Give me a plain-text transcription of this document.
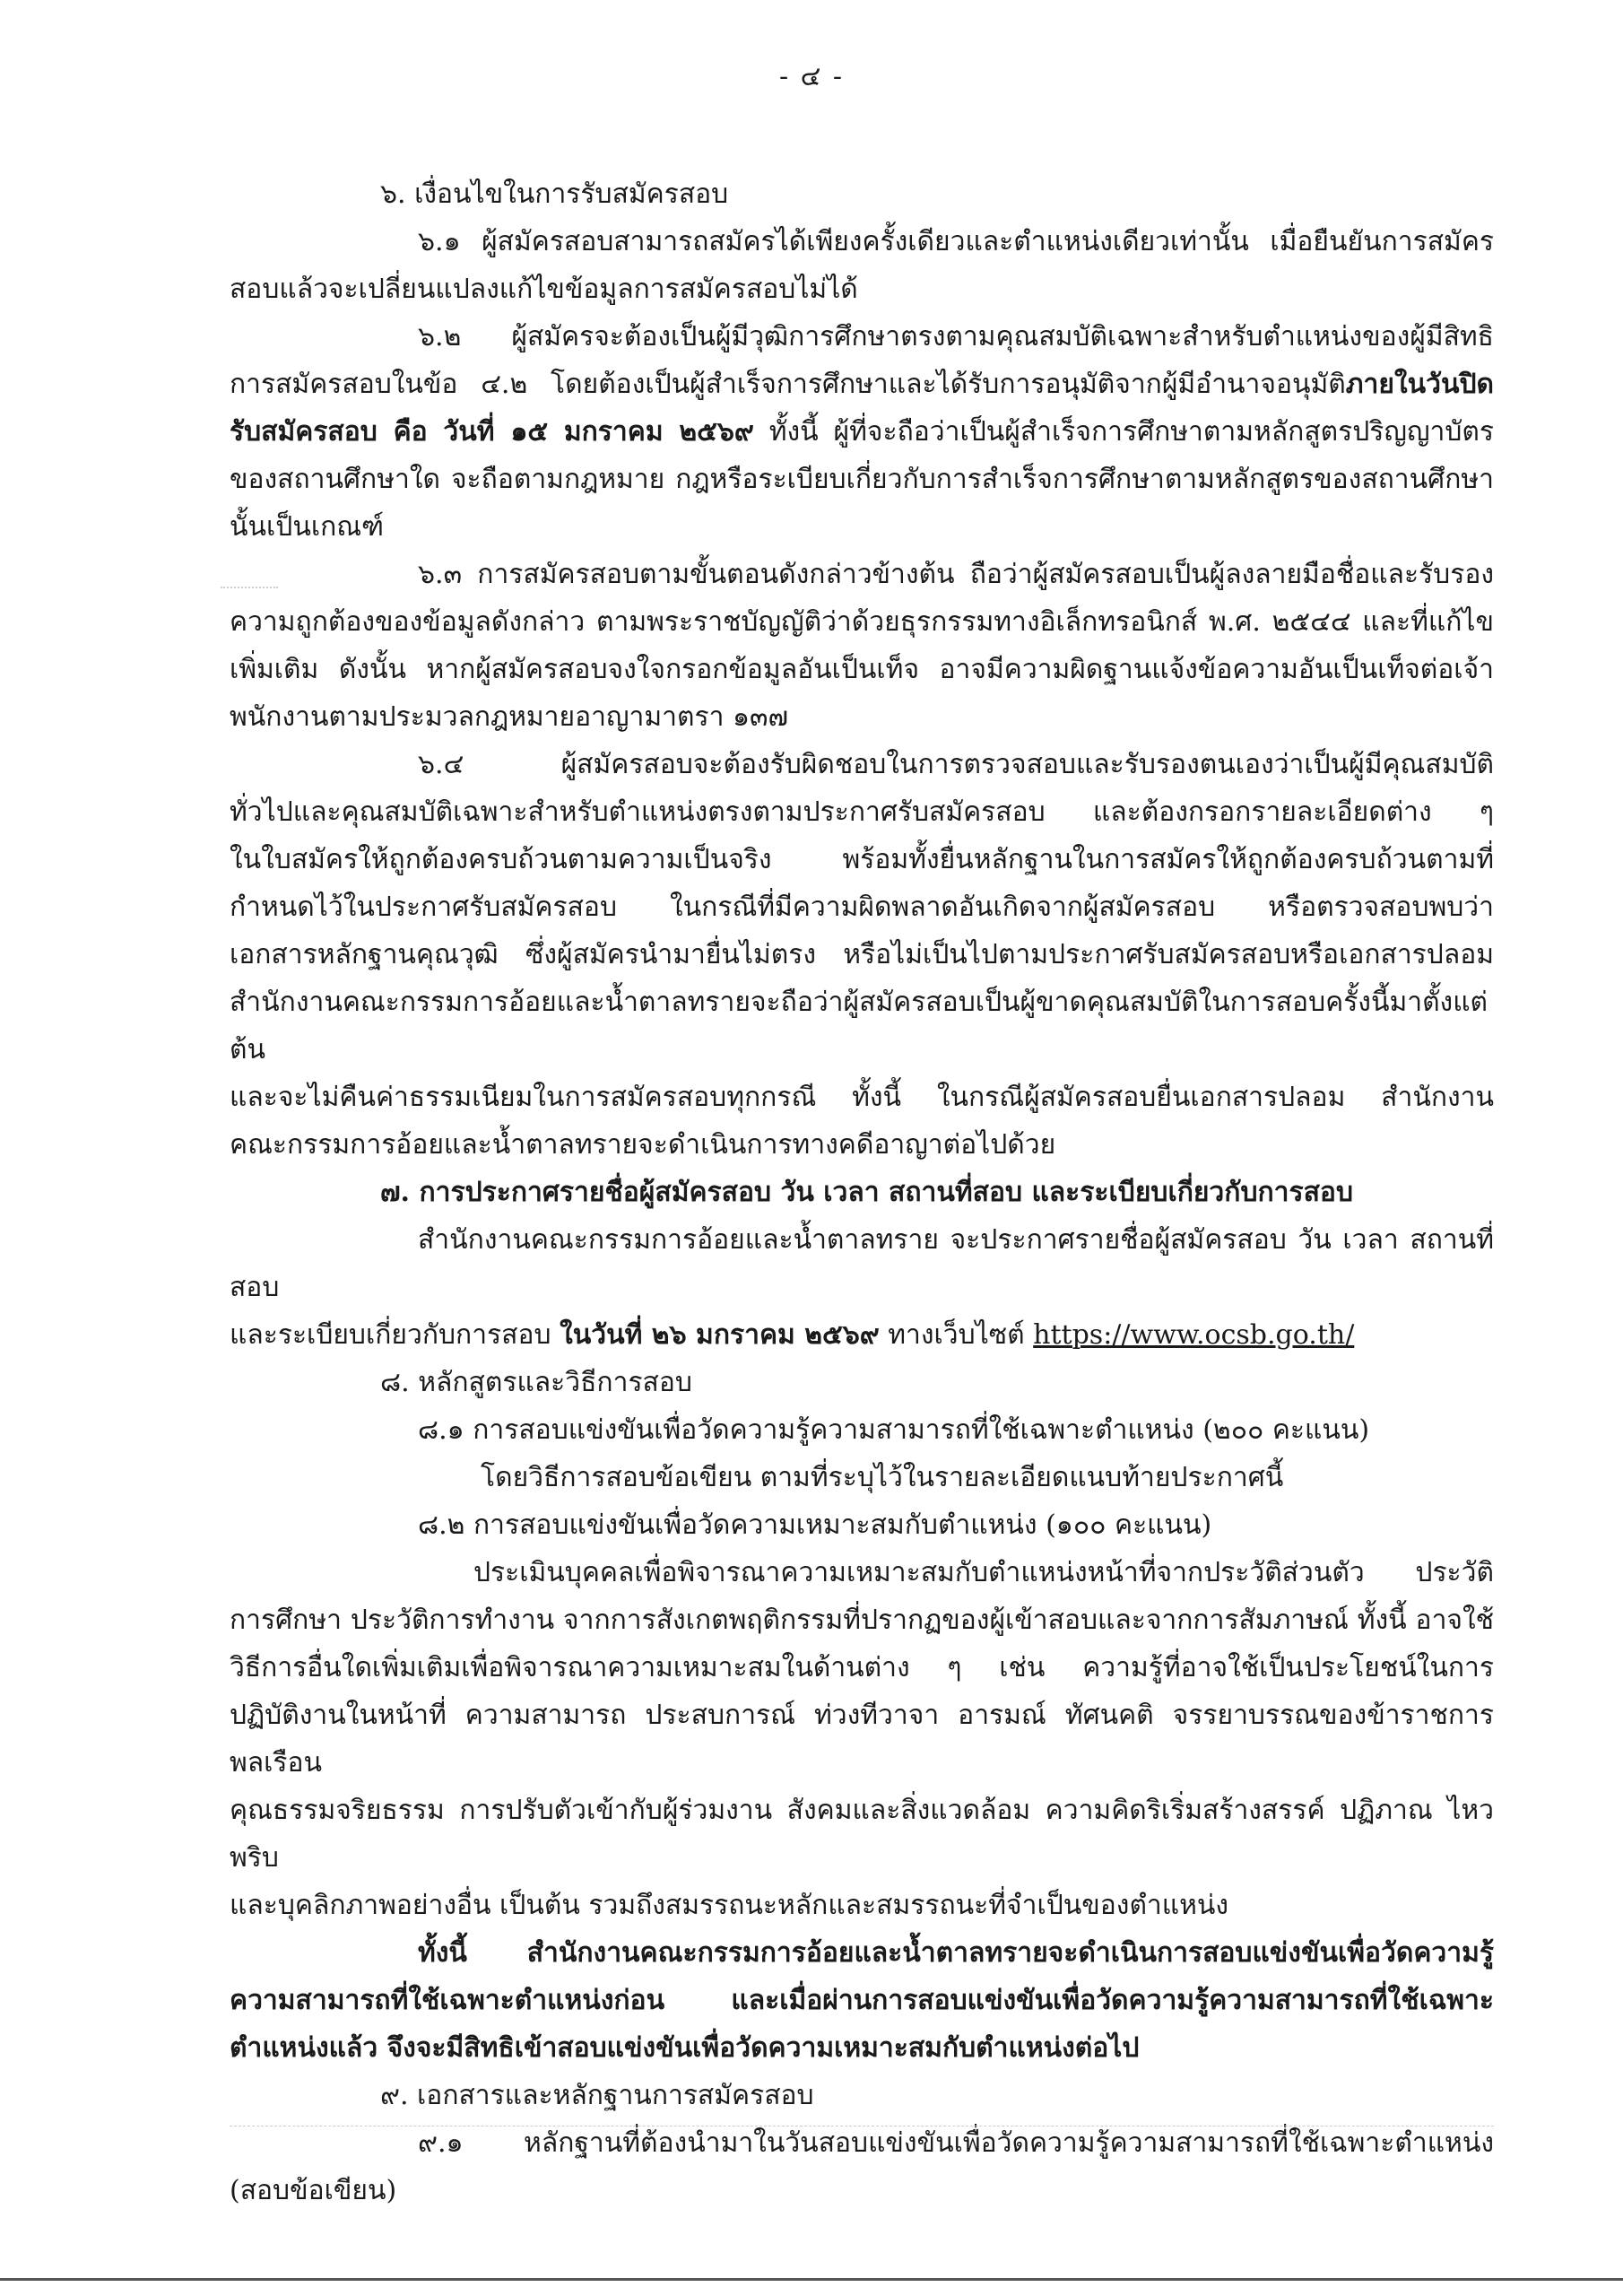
- ๔ -

๖. เงื่อนไขในการรับสมัครสอบ

๖.๑ ผู้สมัครสอบสามารถสมัครได้เพียงครั้งเดียวและตำแหน่งเดียวเท่านั้น เมื่อยืนยันการสมัคร

สอบแล้วจะเปลี่ยนแปลงแก้ไขข้อมูลการสมัครสอบไม่ได้

๖.๒ ผู้สมัครจะต้องเป็นผู้มีวุฒิการศึกษาตรงตามคุณสมบัติเฉพาะสำหรับตำแหน่งของผู้มีสิทธิ

การสมัครสอบในข้อ ๔.๒ โดยต้องเป็นผู้สำเร็จการศึกษาและได้รับการอนุมัติจากผู้มีอำนาจอนุมัติภายในวันปิด

รับสมัครสอบ คือ วันที่ ๑๕ มกราคม ๒๕๖๙ ทั้งนี้ ผู้ที่จะถือว่าเป็นผู้สำเร็จการศึกษาตามหลักสูตรปริญญาบัตร

ของสถานศึกษาใด จะถือตามกฎหมาย กฎหรือระเบียบเกี่ยวกับการสำเร็จการศึกษาตามหลักสูตรของสถานศึกษา

นั้นเป็นเกณฑ์

๖.๓ การสมัครสอบตามขั้นตอนดังกล่าวข้างต้น ถือว่าผู้สมัครสอบเป็นผู้ลงลายมือชื่อและรับรอง

ความถูกต้องของข้อมูลดังกล่าว ตามพระราชบัญญัติว่าด้วยธุรกรรมทางอิเล็กทรอนิกส์ พ.ศ. ๒๕๔๔ และที่แก้ไข

เพิ่มเติม ดังนั้น หากผู้สมัครสอบจงใจกรอกข้อมูลอันเป็นเท็จ อาจมีความผิดฐานแจ้งข้อความอันเป็นเท็จต่อเจ้า

พนักงานตามประมวลกฎหมายอาญามาตรา ๑๓๗

๖.๔ ผู้สมัครสอบจะต้องรับผิดชอบในการตรวจสอบและรับรองตนเองว่าเป็นผู้มีคุณสมบัติ

ทั่วไปและคุณสมบัติเฉพาะสำหรับตำแหน่งตรงตามประกาศรับสมัครสอบ และต้องกรอกรายละเอียดต่าง ๆ

ในใบสมัครให้ถูกต้องครบถ้วนตามความเป็นจริง พร้อมทั้งยื่นหลักฐานในการสมัครให้ถูกต้องครบถ้วนตามที่

กำหนดไว้ในประกาศรับสมัครสอบ ในกรณีที่มีความผิดพลาดอันเกิดจากผู้สมัครสอบ หรือตรวจสอบพบว่า

เอกสารหลักฐานคุณวุฒิ ซึ่งผู้สมัครนำมายื่นไม่ตรง หรือไม่เป็นไปตามประกาศรับสมัครสอบหรือเอกสารปลอม

สำนักงานคณะกรรมการอ้อยและน้ำตาลทรายจะถือว่าผู้สมัครสอบเป็นผู้ขาดคุณสมบัติในการสอบครั้งนี้มาตั้งแต่ต้น

และจะไม่คืนค่าธรรมเนียมในการสมัครสอบทุกกรณี ทั้งนี้ ในกรณีผู้สมัครสอบยื่นเอกสารปลอม สำนักงาน

คณะกรรมการอ้อยและน้ำตาลทรายจะดำเนินการทางคดีอาญาต่อไปด้วย

๗. การประกาศรายชื่อผู้สมัครสอบ วัน เวลา สถานที่สอบ และระเบียบเกี่ยวกับการสอบ

สำนักงานคณะกรรมการอ้อยและน้ำตาลทราย จะประกาศรายชื่อผู้สมัครสอบ วัน เวลา สถานที่สอบ

และระเบียบเกี่ยวกับการสอบ ในวันที่ ๒๖ มกราคม ๒๕๖๙ ทางเว็บไซต์ https://www.ocsb.go.th/

๘. หลักสูตรและวิธีการสอบ

๘.๑ การสอบแข่งขันเพื่อวัดความรู้ความสามารถที่ใช้เฉพาะตำแหน่ง (๒๐๐ คะแนน)

โดยวิธีการสอบข้อเขียน ตามที่ระบุไว้ในรายละเอียดแนบท้ายประกาศนี้

๘.๒ การสอบแข่งขันเพื่อวัดความเหมาะสมกับตำแหน่ง (๑๐๐ คะแนน)

ประเมินบุคคลเพื่อพิจารณาความเหมาะสมกับตำแหน่งหน้าที่จากประวัติส่วนตัว ประวัติ

การศึกษา ประวัติการทำงาน จากการสังเกตพฤติกรรมที่ปรากฏของผู้เข้าสอบและจากการสัมภาษณ์ ทั้งนี้ อาจใช้

วิธีการอื่นใดเพิ่มเติมเพื่อพิจารณาความเหมาะสมในด้านต่าง ๆ เช่น ความรู้ที่อาจใช้เป็นประโยชน์ในการ

ปฏิบัติงานในหน้าที่ ความสามารถ ประสบการณ์ ท่วงทีวาจา อารมณ์ ทัศนคติ จรรยาบรรณของข้าราชการพลเรือน

คุณธรรมจริยธรรม การปรับตัวเข้ากับผู้ร่วมงาน สังคมและสิ่งแวดล้อม ความคิดริเริ่มสร้างสรรค์ ปฏิภาณ ไหวพริบ

และบุคลิกภาพอย่างอื่น เป็นต้น รวมถึงสมรรถนะหลักและสมรรถนะที่จำเป็นของตำแหน่ง

ทั้งนี้ สำนักงานคณะกรรมการอ้อยและน้ำตาลทรายจะดำเนินการสอบแข่งขันเพื่อวัดความรู้

ความสามารถที่ใช้เฉพาะตำแหน่งก่อน และเมื่อผ่านการสอบแข่งขันเพื่อวัดความรู้ความสามารถที่ใช้เฉพาะ

ตำแหน่งแล้ว จึงจะมีสิทธิเข้าสอบแข่งขันเพื่อวัดความเหมาะสมกับตำแหน่งต่อไป

๙. เอกสารและหลักฐานการสมัครสอบ

๙.๑ หลักฐานที่ต้องนำมาในวันสอบแข่งขันเพื่อวัดความรู้ความสามารถที่ใช้เฉพาะตำแหน่ง

(สอบข้อเขียน)
